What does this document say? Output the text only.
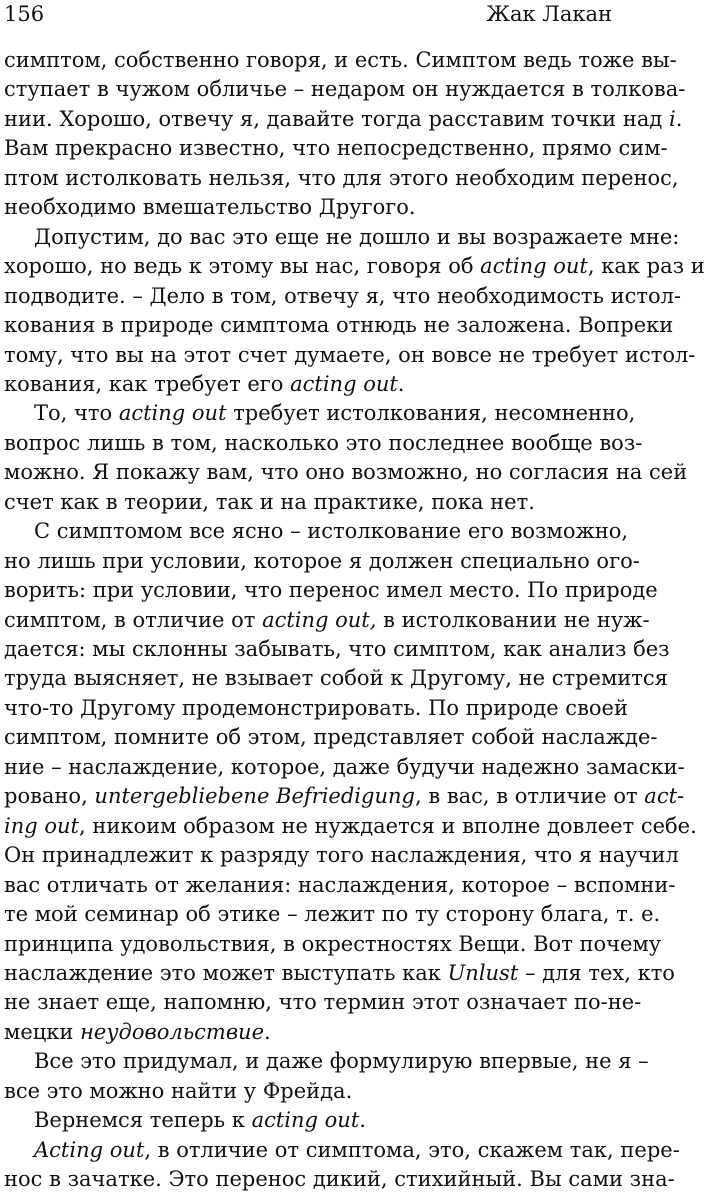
156	Жак Лакан
симптом, собственно говоря, и есть. Симптом ведь тоже вы-
ступает в чужом обличье – недаром он нуждается в толкова-
нии. Хорошо, отвечу я, давайте тогда расставим точки над i.
Вам прекрасно известно, что непосредственно, прямо сим-
птом истолковать нельзя, что для этого необходим перенос,
необходимо вмешательство Другого.
Допустим, до вас это еще не дошло и вы возражаете мне:
хорошо, но ведь к этому вы нас, говоря об acting out, как раз и
подводите. – Дело в том, отвечу я, что необходимость истол-
кования в природе симптома отнюдь не заложена. Вопреки
тому, что вы на этот счет думаете, он вовсе не требует истол-
кования, как требует его acting out.
То, что acting out требует истолкования, несомненно,
вопрос лишь в том, насколько это последнее вообще воз-
можно. Я покажу вам, что оно возможно, но согласия на сей
счет как в теории, так и на практике, пока нет.
С симптомом все ясно – истолкование его возможно,
но лишь при условии, которое я должен специально ого-
ворить: при условии, что перенос имел место. По природе
симптом, в отличие от acting out, в истолковании не нуж-
дается: мы склонны забывать, что симптом, как анализ без
труда выясняет, не взывает собой к Другому, не стремится
что-то Другому продемонстрировать. По природе своей
симптом, помните об этом, представляет собой наслажде-
ние – наслаждение, которое, даже будучи надежно замаски-
ровано, untergebliebene Befriedigung, в вас, в отличие от act-
ing out, никоим образом не нуждается и вполне довлеет себе.
Он принадлежит к разряду того наслаждения, что я научил
вас отличать от желания: наслаждения, которое – вспомни-
те мой семинар об этике – лежит по ту сторону блага, т. е.
принципа удовольствия, в окрестностях Вещи. Вот почему
наслаждение это может выступать как Unlust – для тех, кто
не знает еще, напомню, что термин этот означает по-не-
мецки неудовольствие.
Все это придумал, и даже формулирую впервые, не я –
все это можно найти у Фрейда.
Вернемся теперь к acting out.
Acting out, в отличие от симптома, это, скажем так, пере-
нос в зачатке. Это перенос дикий, стихийный. Вы сами зна-
